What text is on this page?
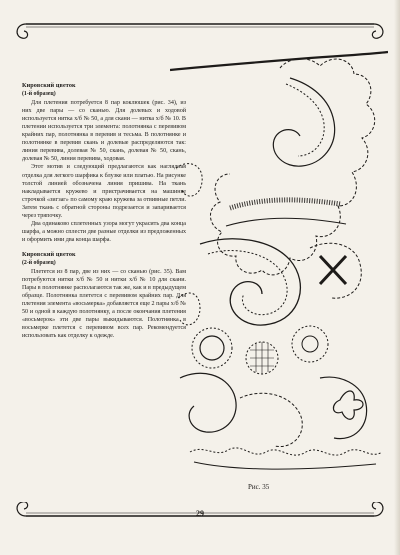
Кировский цветок
(1-й образец)

Для плетения потребуется 8 пар коклюшек (рис. 34), из них две пары — со сканью. Для долевых и ходовой используется нитка х/б № 50, а для скани — нитка х/б № 10. В плетении используется три элемента: полотнянка с перевивом крайних пар, полотнянка в перевив и тесьма. В полотнянке и полотнянке в перевив скань и долевые распределяются так: линия перевива, долевая № 50, скань, долевая № 50, скань, долевая № 50, линия перевива, ходовая.

Этот мотив и следующий предлагаются как наглядная отделка для легкого шарфика к блузке или платью. На рисунке толстой линией обозначена линия пришива. На ткань накладывается кружево и пристрачивается на машинке строчкой «зигзаг» по самому краю кружева за отвивные петли. Затем ткань с обратной стороны подрезается и запаривается через тряпочку.

Два одинаково сплетенных узора могут украсить два конца шарфа, а можно сплести две разные отделки из предложенных и оформить ими два конца шарфа.

Кировский цветок
(2-й образец)

Плетется из 8 пар, две из них — со сканью (рис. 35). Вам потребуются нитки х/б № 50 и нитки х/б № 10 для скани. Пары в полотнянке располагаются так же, как и в предыдущем образце. Полотнянка плетется с перевивом крайних пар. Для плетения элемента «восьмерка» добавляется еще 2 пары х/б № 50 и одной в каждую полотнянку, а после окончания плетения «восьмерок» эти две пары выкидываются. Полотнянка в восьмерке плетется с перевивом всех пар. Рекомендуется использовать как отделку к одежде.

Рис. 35
29
